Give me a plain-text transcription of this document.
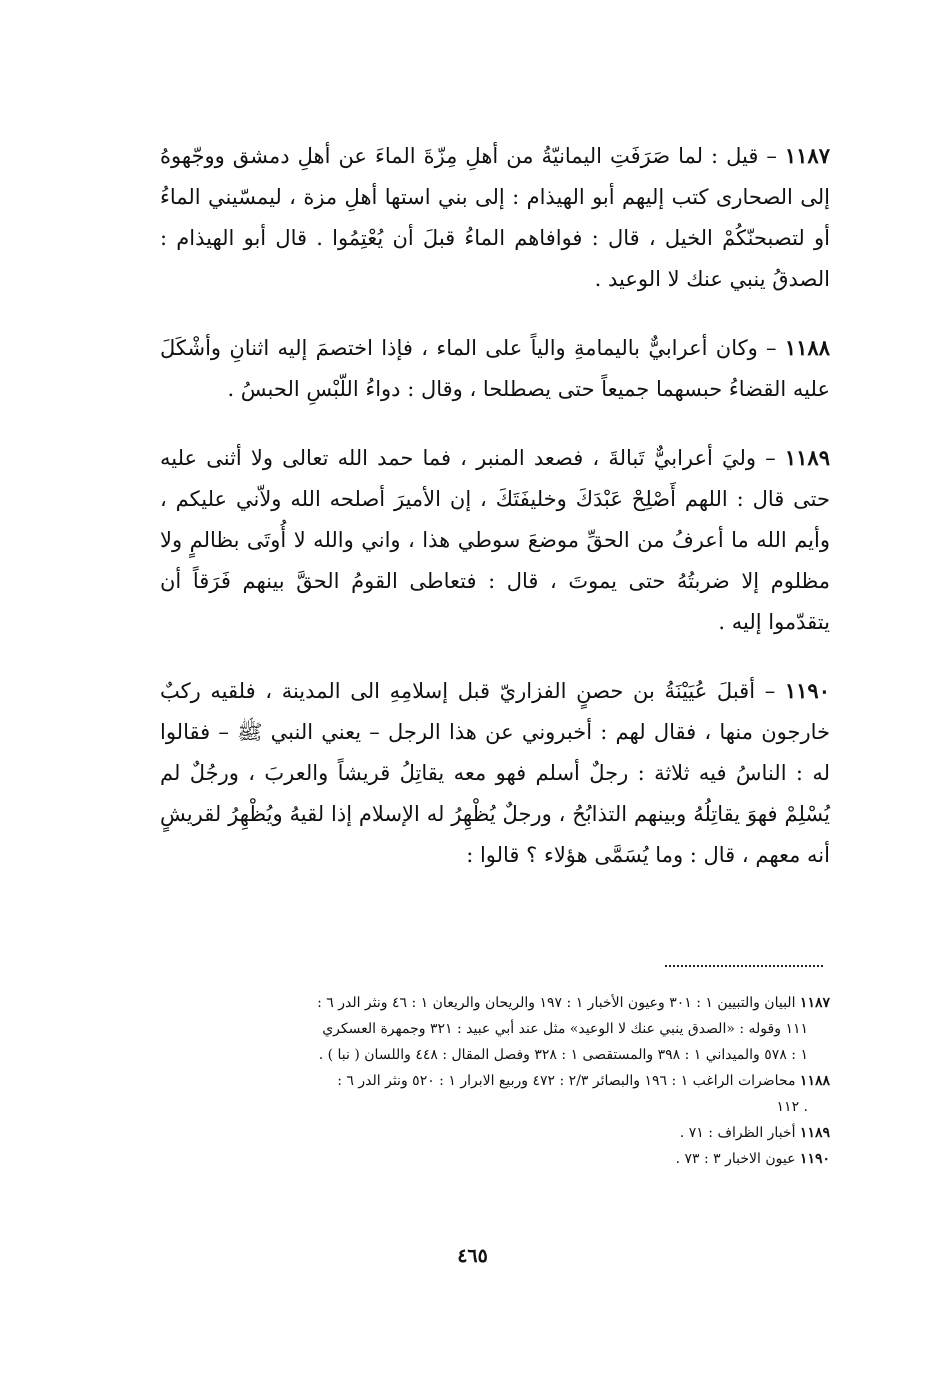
١١٨٧ – قيل : لما صَرَفَتِ اليمانيّةُ من أهلِ مِزّةَ الماءَ عن أهلِ دمشق ووجّهوهُ إلى الصحارى كتب إليهم أبو الهيذام : إلى بني استها أهلِ مزة ، ليمسّيني الماءُ أو لتصبحنّكُمْ الخيل ، قال : فوافاهم الماءُ قبلَ أن يُعْتِمُوا . قال أبو الهيذام : الصدقُ ينبي عنك لا الوعيد .

١١٨٨ – وكان أعرابيٌّ باليمامةِ والياً على الماء ، فإذا اختصمَ إليه اثنانِ وأشْكَلَ عليه القضاءُ حبسهما جميعاً حتى يصطلحا ، وقال : دواءُ اللّبْسِ الحبسُ .

١١٨٩ – وليَ أعرابيٌّ تَبالةَ ، فصعد المنبر ، فما حمد الله تعالى ولا أثنى عليه حتى قال : اللهم أَصْلِحْ عَبْدَكَ وخليفَتَكَ ، إن الأميرَ أصلحه الله ولاّني عليكم ، وأيم الله ما أعرفُ من الحقِّ موضعَ سوطي هذا ، واني والله لا أُوتَى بظالمٍ ولا مظلوم إلا ضربتُهُ حتى يموتَ ، قال : فتعاطى القومُ الحقَّ بينهم فَرَقاً أن يتقدّموا إليه .

١١٩٠ – أقبلَ عُيَيْنَةُ بن حصنٍ الفزاريّ قبل إسلامِهِ الى المدينة ، فلقيه ركبٌ خارجون منها ، فقال لهم : أخبروني عن هذا الرجل – يعني النبي ﷺ – فقالوا له : الناسُ فيه ثلاثة : رجلٌ أسلم فهو معه يقاتِلُ قريشاً والعربَ ، ورجُلٌ لم يُسْلِمْ فهوَ يقاتِلُهُ وبينهم التذابُحُ ، ورجلٌ يُظْهِرُ له الإسلام إذا لقيهُ ويُظْهِرُ لقريشٍ أنه معهم ، قال : وما يُسَمَّى هؤلاء ؟ قالوا :

١١٨٧ البيان والتبيين ١ : ٣٠١ وعيون الأخبار ١ : ١٩٧ والريحان والريعان ١ : ٤٦ ونثر الدر ٦ :
١١١ وقوله : «الصدق ينبي عنك لا الوعيد» مثل عند أبي عبيد : ٣٢١ وجمهرة العسكري
١ : ٥٧٨ والميداني ١ : ٣٩٨ والمستقصى ١ : ٣٢٨ وفصل المقال : ٤٤٨ واللسان ( نبا ) .
١١٨٨ محاضرات الراغب ١ : ١٩٦ والبصائر ٢/٣ : ٤٧٢ وربيع الابرار ١ : ٥٢٠ ونثر الدر ٦ :
. ١١٢
١١٨٩ أخبار الظراف : ٧١ .
١١٩٠ عيون الاخبار ٣ : ٧٣ .
٤٦٥
